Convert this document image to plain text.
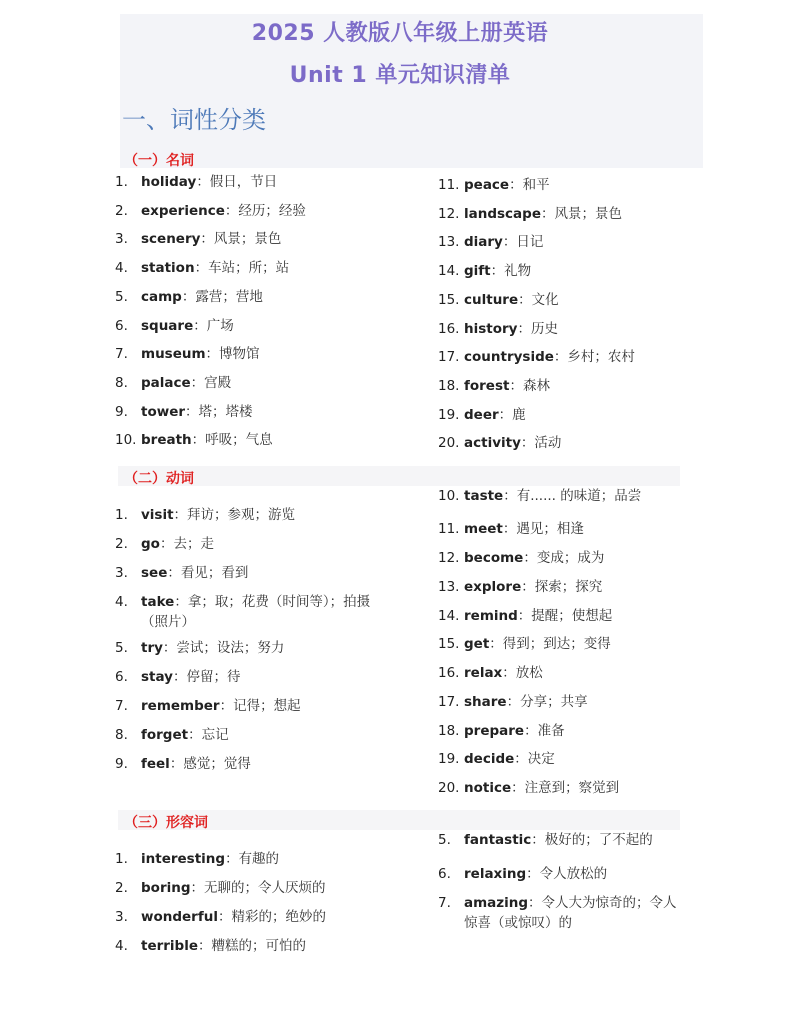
2025 人教版八年级上册英语
Unit 1 单元知识清单
一、词性分类
（一）名词
1. holiday：假日，节日
2. experience：经历；经验
3. scenery：风景；景色
4. station：车站；所；站
5. camp：露营；营地
6. square：广场
7. museum：博物馆
8. palace：宫殿
9. tower：塔；塔楼
10. breath：呼吸；气息
11. peace：和平
12. landscape：风景；景色
13. diary：日记
14. gift：礼物
15. culture：文化
16. history：历史
17. countryside：乡村；农村
18. forest：森林
19. deer：鹿
20. activity：活动
（二）动词
1. visit：拜访；参观；游览
2. go：去；走
3. see：看见；看到
4. take：拿；取；花费（时间等）；拍摄
（照片）
5. try：尝试；设法；努力
6. stay：停留；待
7. remember：记得；想起
8. forget：忘记
9. feel：感觉；觉得
10. taste：有...... 的味道；品尝
11. meet：遇见；相逢
12. become：变成；成为
13. explore：探索；探究
14. remind：提醒；使想起
15. get：得到；到达；变得
16. relax：放松
17. share：分享；共享
18. prepare：准备
19. decide：决定
20. notice：注意到；察觉到
（三）形容词
1. interesting：有趣的
2. boring：无聊的；令人厌烦的
3. wonderful：精彩的；绝妙的
4. terrible：糟糕的；可怕的
5. fantastic：极好的；了不起的
6. relaxing：令人放松的
7. amazing：令人大为惊奇的；令人
惊喜（或惊叹）的
